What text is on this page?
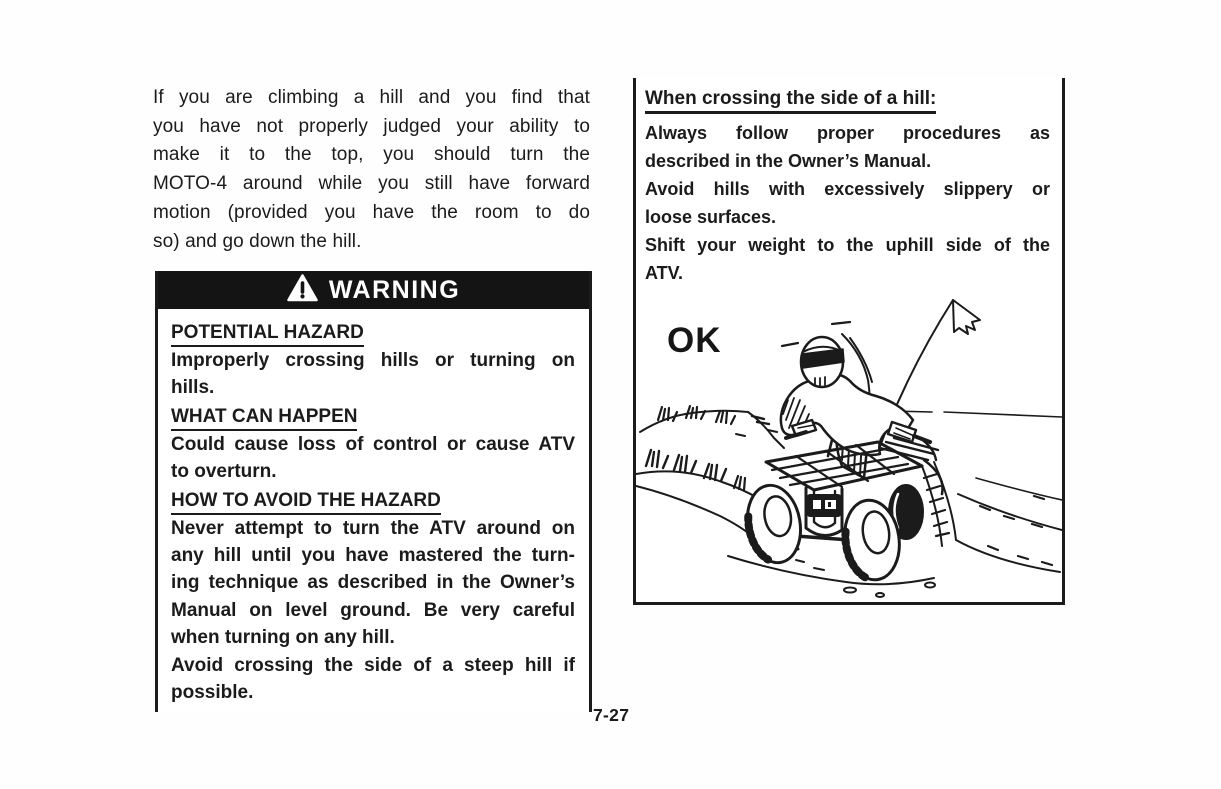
If you are climbing a hill and you find that
you have not properly judged your ability to
make it to the top, you should turn the
MOTO-4 around while you still have forward
motion (provided you have the room to do
so) and go down the hill.
WARNING
POTENTIAL HAZARD
Improperly crossing hills or turning on
hills.
WHAT CAN HAPPEN
Could cause loss of control or cause ATV
to overturn.
HOW TO AVOID THE HAZARD
Never attempt to turn the ATV around on
any hill until you have mastered the turn-
ing technique as described in the Owner’s
Manual on level ground. Be very careful
when turning on any hill.
Avoid crossing the side of a steep hill if
possible.
When crossing the side of a hill:
Always follow proper procedures as
described in the Owner’s Manual.
Avoid hills with excessively slippery or
loose surfaces.
Shift your weight to the uphill side of the
ATV.
OK
7-27
